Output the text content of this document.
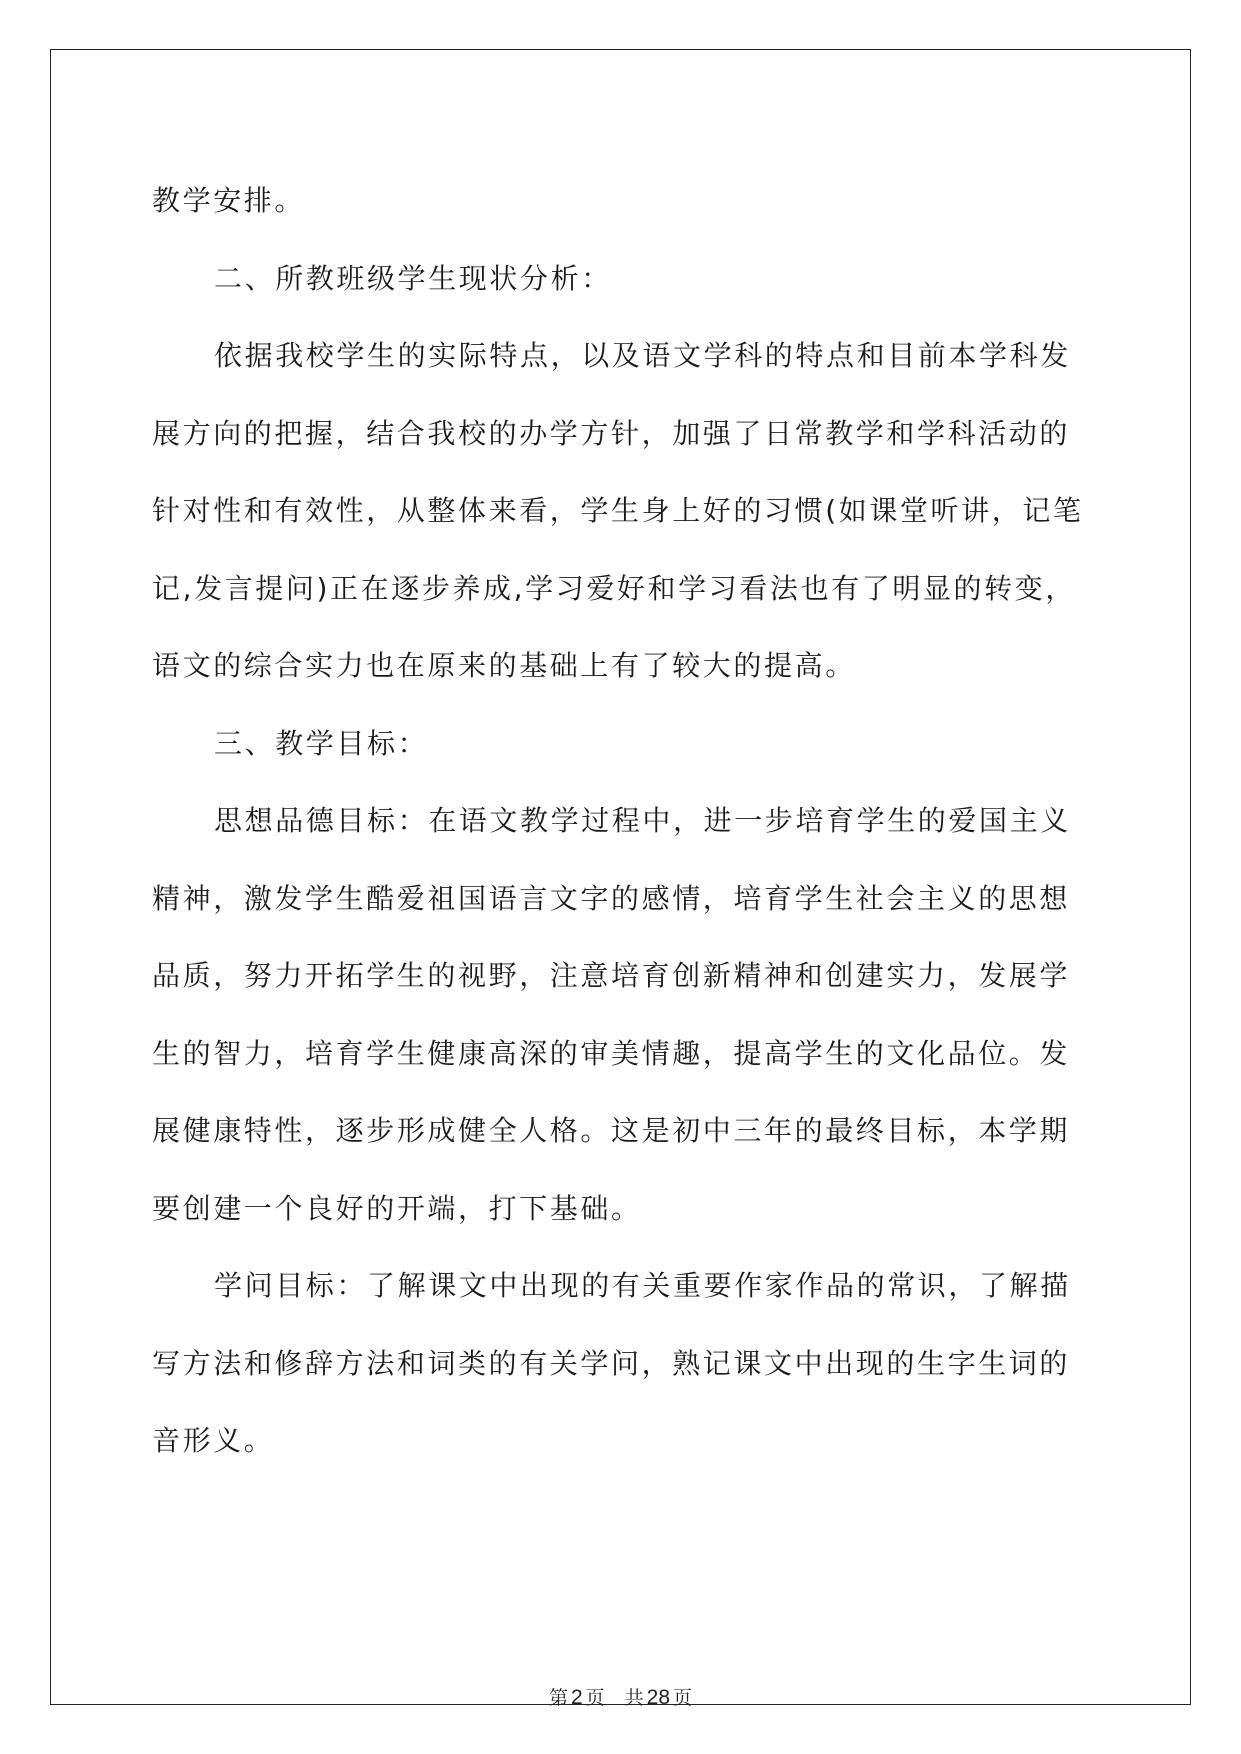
教学安排。

二、所教班级学生现状分析：

依据我校学生的实际特点，以及语文学科的特点和目前本学科发

展方向的把握，结合我校的办学方针，加强了日常教学和学科活动的
针对性和有效性，从整体来看，学生身上好的习惯(如课堂听讲，记笔
记,发言提问)正在逐步养成,学习爱好和学习看法也有了明显的转变，
语文的综合实力也在原来的基础上有了较大的提高。

三、教学目标：

思想品德目标：在语文教学过程中，进一步培育学生的爱国主义

精神，激发学生酷爱祖国语言文字的感情，培育学生社会主义的思想
品质，努力开拓学生的视野，注意培育创新精神和创建实力，发展学
生的智力，培育学生健康高深的审美情趣，提高学生的文化品位。发
展健康特性，逐步形成健全人格。这是初中三年的最终目标，本学期
要创建一个良好的开端，打下基础。

学问目标：了解课文中出现的有关重要作家作品的常识，了解描

写方法和修辞方法和词类的有关学问，熟记课文中出现的生字生词的
音形义。

第 2 页 共 28 页
